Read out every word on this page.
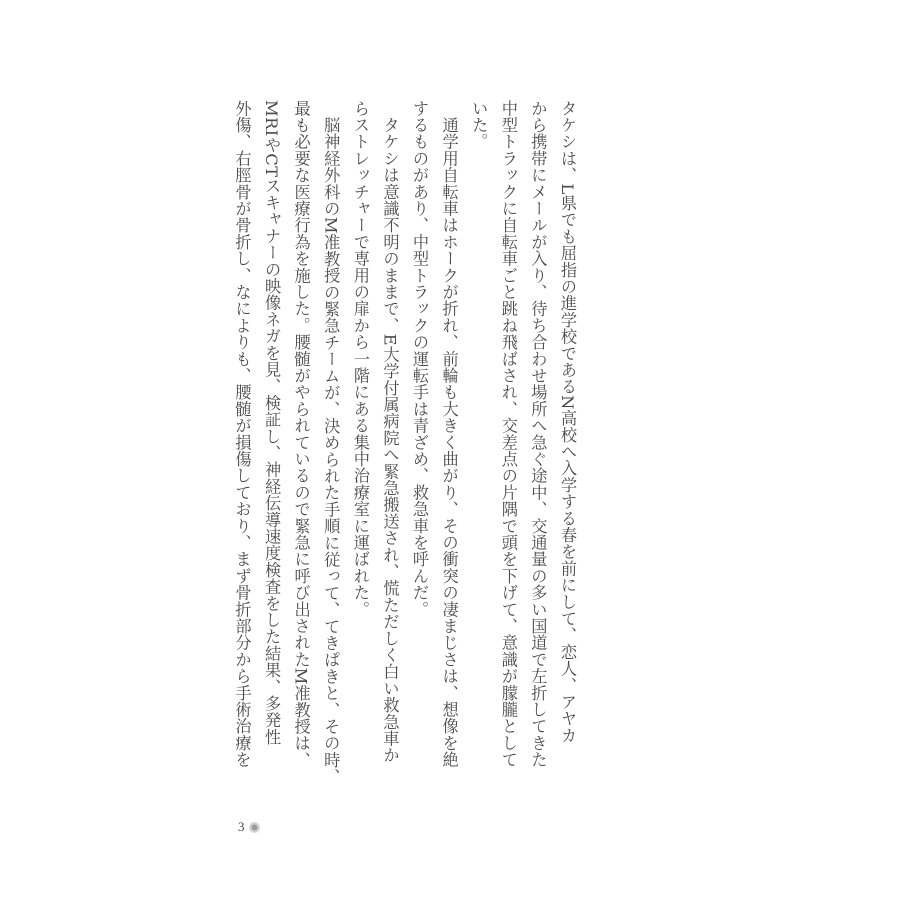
タケシは、L県でも屈指の進学校であるN高校へ入学する春を前にして、恋人、アヤカ
から携帯にメールが入り、待ち合わせ場所へ急ぐ途中、交通量の多い国道で左折してきた
中型トラックに自転車ごと跳ね飛ばされ、交差点の片隅で頭を下げて、意識が朦朧として
いた。
　通学用自転車はホークが折れ、前輪も大きく曲がり、その衝突の凄まじさは、想像を絶
するものがあり、中型トラックの運転手は青ざめ、救急車を呼んだ。
　タケシは意識不明のままで、E大学付属病院へ緊急搬送され、慌ただしく白い救急車か
らストレッチャーで専用の扉から一階にある集中治療室に運ばれた。
　脳神経外科のM准教授の緊急チームが、決められた手順に従って、てきぱきと、その時、
最も必要な医療行為を施した。腰髄がやられているので緊急に呼び出されたM准教授は、
MRIやCTスキャナーの映像ネガを見、検証し、神経伝導速度検査をした結果、多発性
外傷、右脛骨が骨折し、なによりも、腰髄が損傷しており、まず骨折部分から手術治療を
3
